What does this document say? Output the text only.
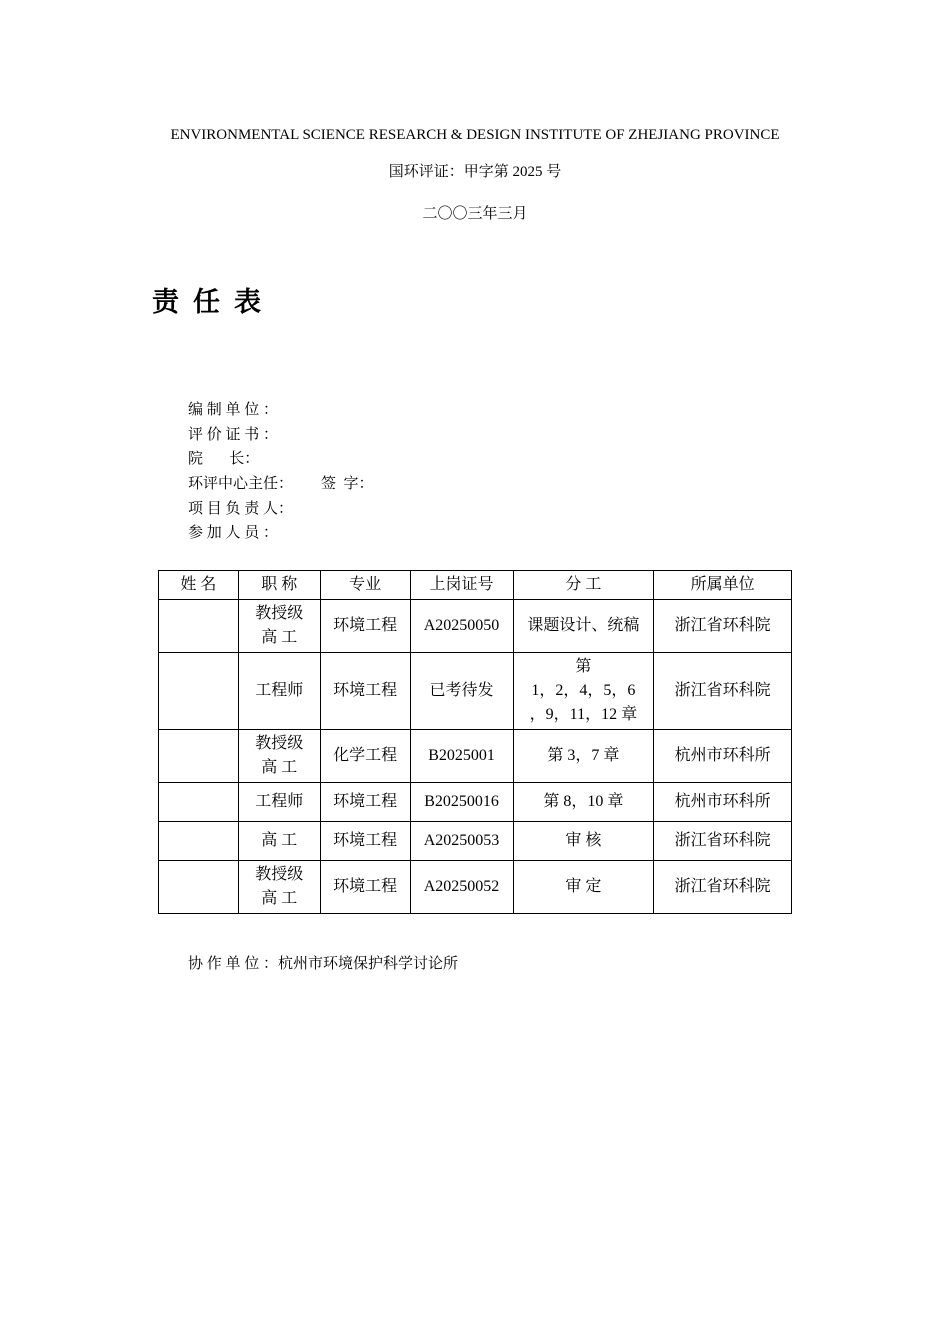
ENVIRONMENTAL SCIENCE RESEARCH & DESIGN INSTITUTE OF ZHEJIANG PROVINCE
国环评证：甲字第 2025 号
二〇〇三年三月
责任表
编 制 单 位 ：
评 价 证 书 ：
院       长：
环评中心主任： 签  字：
项 目 负 责 人：
参 加 人 员 ：
姓 名	职 称	专业	上岗证号	分 工	所属单位
	教授级
高 工	环境工程	A20250050	课题设计、统稿	浙江省环科院
	工程师	环境工程	已考待发	第
1，2，4，5，6
，9，11，12 章	浙江省环科院
	教授级
高 工	化学工程	B2025001	第 3，7 章	杭州市环科所
	工程师	环境工程	B20250016	第 8，10 章	杭州市环科所
	高 工	环境工程	A20250053	审 核	浙江省环科院
	教授级
高 工	环境工程	A20250052	审 定	浙江省环科院
协 作 单 位 ：杭州市环境保护科学讨论所
